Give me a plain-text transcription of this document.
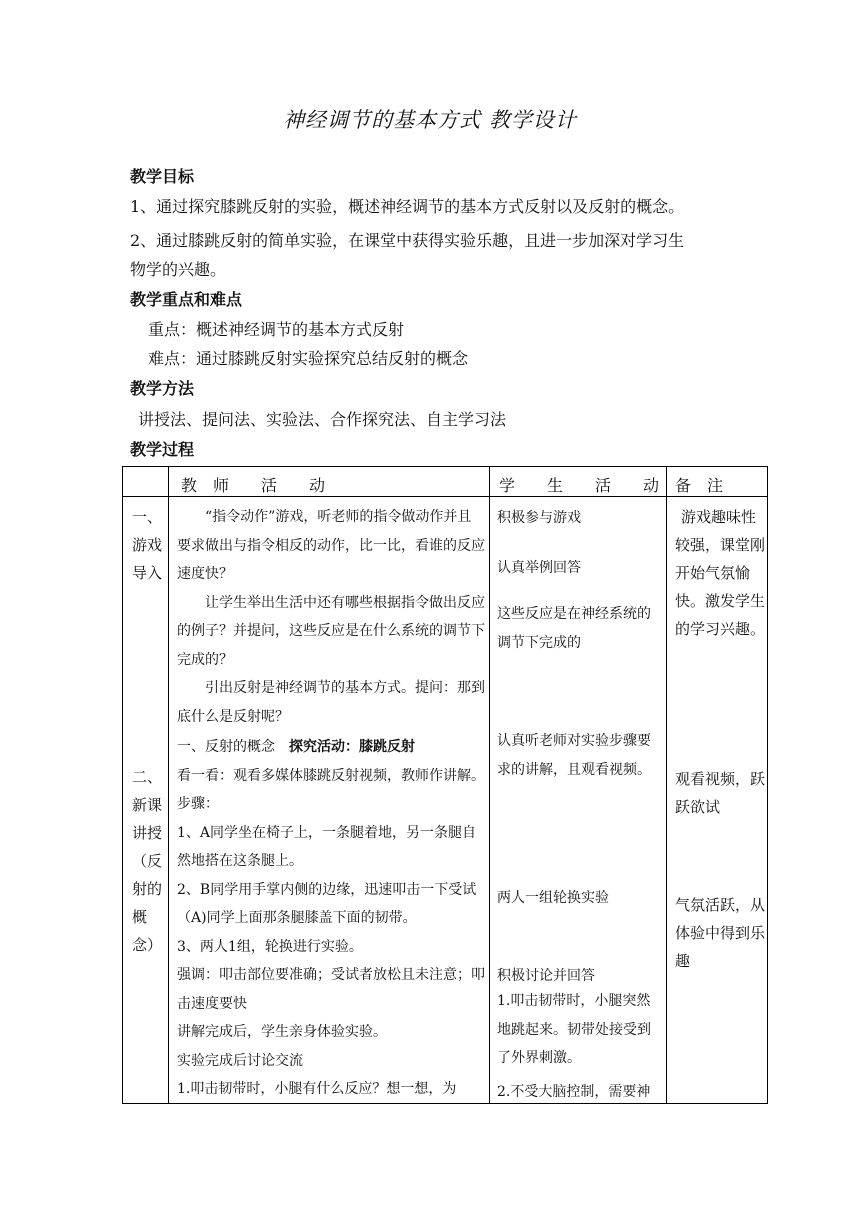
神经调节的基本方式 教学设计
教学目标
1、通过探究膝跳反射的实验，概述神经调节的基本方式反射以及反射的概念。
2、通过膝跳反射的简单实验，在课堂中获得实验乐趣，且进一步加深对学习生
物学的兴趣。
教学重点和难点
重点：概述神经调节的基本方式反射
难点：通过膝跳反射实验探究总结反射的概念
教学方法
讲授法、提问法、实验法、合作探究法、自主学习法
教学过程
教　师　　活　　动	学　　生　　活　　动 备　注
一、
游戏
导入

“指令动作”游戏，听老师的指令做动作并且要求做出与指令相反的动作，比一比，看谁的反应速度快？

让学生举出生活中还有哪些根据指令做出反应的例子？并提问，这些反应是在什么系统的调节下完成的？

引出反射是神经调节的基本方式。提问：那到底什么是反射呢？

积极参与游戏
认真举例回答
这些反应是在神经系统的调节下完成的
游戏趣味性较强，课堂刚开始气氛愉快。激发学生的学习兴趣。
二、
新课
讲授
（反
射的
概
念）

一、反射的概念　探究活动：膝跳反射

看一看：观看多媒体膝跳反射视频，教师作讲解。步骤：

1、A同学坐在椅子上，一条腿着地，另一条腿自然地搭在这条腿上。

2、B同学用手掌内侧的边缘，迅速叩击一下受试（A)同学上面那条腿膝盖下面的韧带。

3、两人1组，轮换进行实验。

强调：叩击部位要准确；受试者放松且未注意；叩击速度要快

讲解完成后，学生亲身体验实验。

实验完成后讨论交流

1.叩击韧带时，小腿有什么反应？想一想，为

认真听老师对实验步骤要求的讲解，且观看视频。
两人一组轮换实验
积极讨论并回答
1.叩击韧带时，小腿突然地跳起来。韧带处接受到了外界刺激。
2.不受大脑控制，需要神
观看视频，跃跃欲试
气氛活跃，从体验中得到乐趣
